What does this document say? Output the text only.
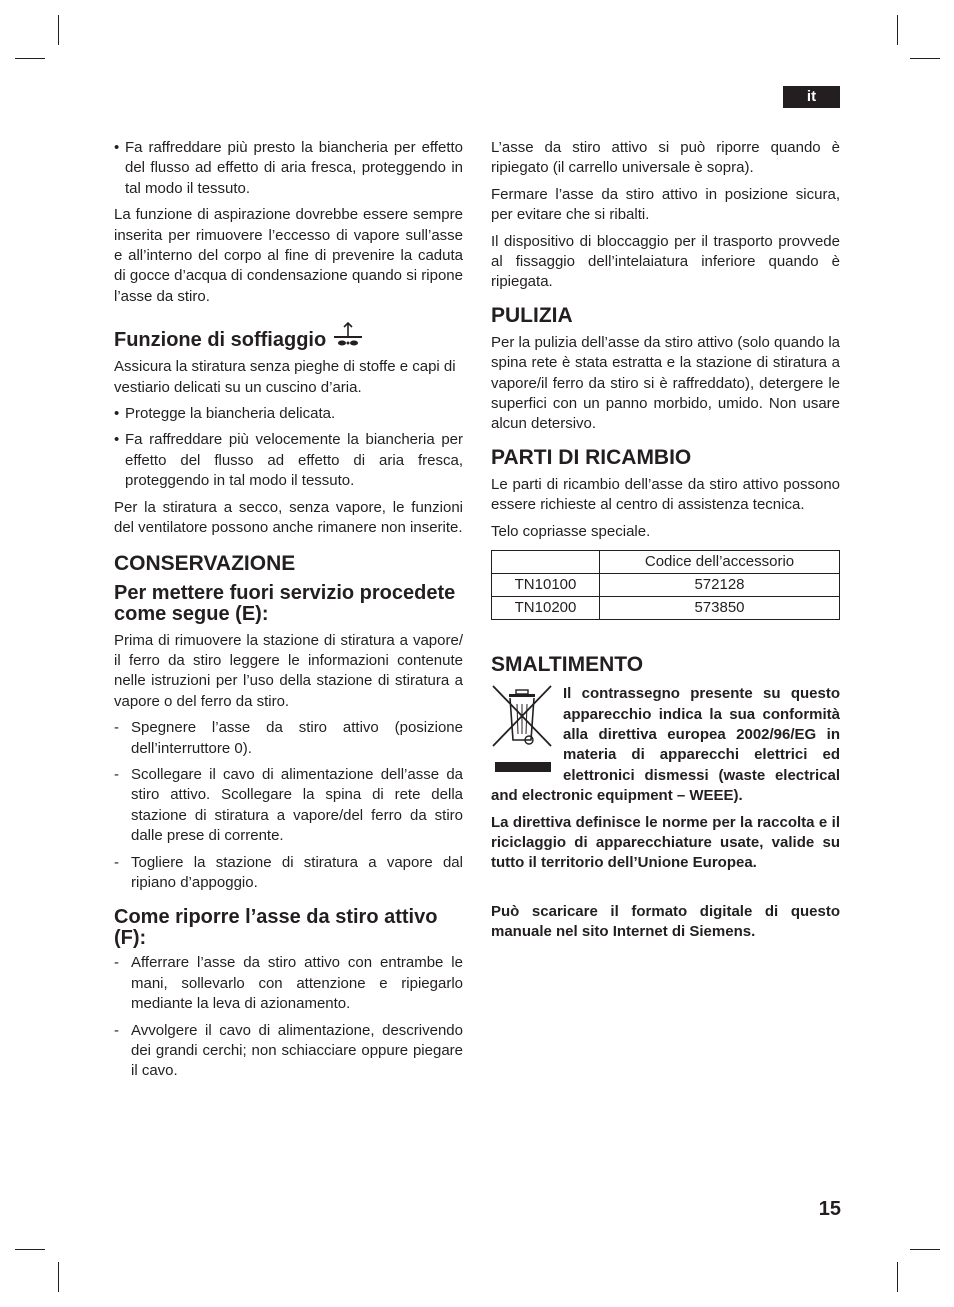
it
• Fa raffreddare più presto la biancheria per effetto del flusso ad effetto di aria fresca, proteggendo in tal modo il tessuto.

La funzione di aspirazione dovrebbe essere sempre inserita per rimuovere l’eccesso di vapore sull’asse e all’interno del corpo al fine di prevenire la caduta di gocce d’acqua di condensazione quando si ripone l’asse da stiro.

Funzione di soffiaggio

Assicura la stiratura senza pieghe di stoffe e capi di vestiario delicati su un cuscino d’aria.

• Protegge la biancheria delicata.
• Fa raffreddare più velocemente la biancheria per effetto del flusso ad effetto di aria fresca, proteggendo in tal modo il tessuto.

Per la stiratura a secco, senza vapore, le funzioni del ventilatore possono anche rimanere non inserite.

CONSERVAZIONE
Per mettere fuori servizio procedete come segue (E):

Prima di rimuovere la stazione di stiratura a vapore/ il ferro da stiro leggere le informazioni contenute nelle istruzioni per l’uso della stazione di stiratura a vapore o del ferro da stiro.

- Spegnere l’asse da stiro attivo (posizione dell’interruttore 0).
- Scollegare il cavo di alimentazione dell’asse da stiro attivo. Scollegare la spina di rete della stazione di stiratura a vapore/del ferro da stiro dalle prese di corrente.
- Togliere la stazione di stiratura a vapore dal ripiano d’appoggio.
Come riporre l’asse da stiro attivo (F):
- Afferrare l’asse da stiro attivo con entrambe le mani, sollevarlo con attenzione e ripiegarlo mediante la leva di azionamento.
- Avvolgere il cavo di alimentazione, descrivendo dei grandi cerchi; non schiacciare oppure piegare il cavo.

L’asse da stiro attivo si può riporre quando è ripiegato (il carrello universale è sopra).

Fermare l’asse da stiro attivo in posizione sicura, per evitare che si ribalti.

Il dispositivo di bloccaggio per il trasporto provvede al fissaggio dell’intelaiatura inferiore quando è ripiegata.

PULIZIA

Per la pulizia dell’asse da stiro attivo (solo quando la spina rete è stata estratta e la stazione di stiratura a vapore/il ferro da stiro si è raffreddato), detergere le superfici con un panno morbido, umido. Non usare alcun detersivo.

PARTI DI RICAMBIO

Le parti di ricambio dell’asse da stiro attivo possono essere richieste al centro di assistenza tecnica.

Telo copriasse speciale.

	Codice dell’accessorio
TN10100	572128
TN10200	573850
SMALTIMENTO

Il contrassegno presente su questo apparecchio indica la sua conformità alla direttiva europea 2002/96/EG in materia di apparecchi elettrici ed elettronici dismessi (waste electrical and electronic equipment – WEEE).

La direttiva definisce le norme per la raccolta e il riciclaggio di apparecchiature usate, valide su tutto il territorio dell’Unione Europea.

Può scaricare il formato digitale di questo manuale nel sito Internet di Siemens.

15
